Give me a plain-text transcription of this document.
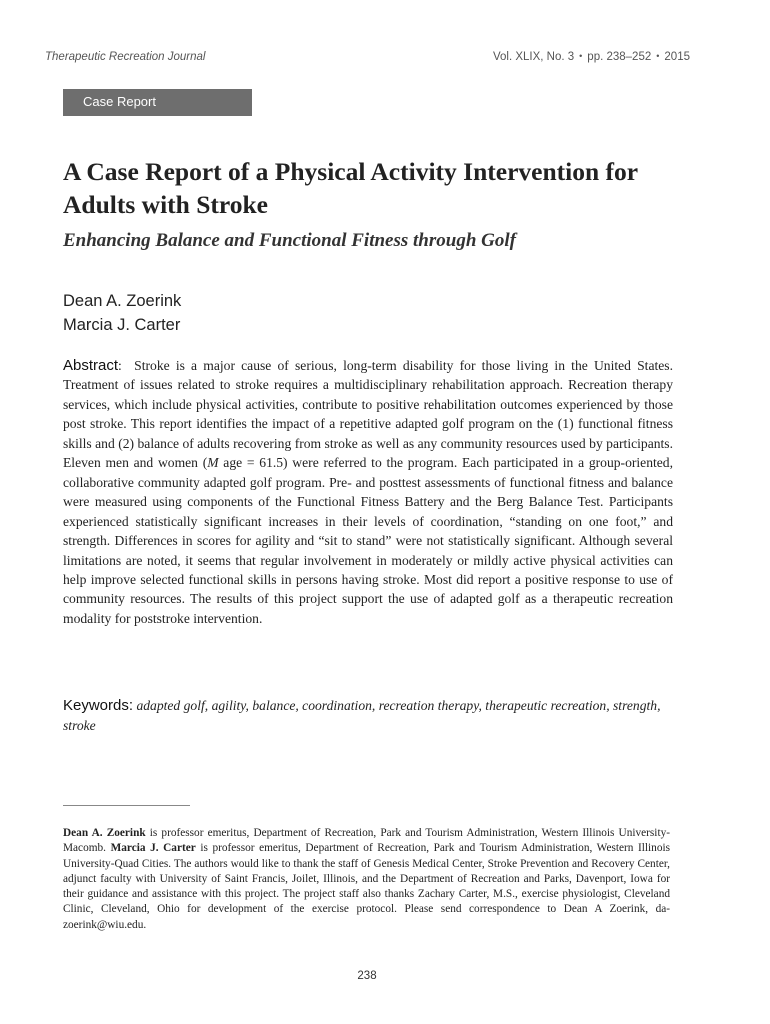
Therapeutic Recreation Journal	Vol. XLIX, No. 3 • pp. 238–252 • 2015
Case Report
A Case Report of a Physical Activity Intervention for Adults with Stroke
Enhancing Balance and Functional Fitness through Golf
Dean A. Zoerink
Marcia J. Carter

Abstract:  Stroke is a major cause of serious, long-term disability for those living in the United States. Treatment of issues related to stroke requires a multidisciplinary rehabilitation approach. Recreation therapy services, which include physical activities, contribute to positive rehabilitation outcomes experienced by those post stroke. This report identifies the impact of a repetitive adapted golf program on the (1) functional fitness skills and (2) balance of adults recovering from stroke as well as any community resources used by participants. Eleven men and women (M age = 61.5) were referred to the program. Each participated in a group-oriented, collaborative community adapted golf program. Pre- and posttest assessments of functional fitness and balance were measured using components of the Functional Fitness Battery and the Berg Balance Test. Participants experienced statistically significant increases in their levels of coordination, “standing on one foot,” and strength. Differences in scores for agility and “sit to stand” were not statistically significant. Although several limitations are noted, it seems that regular involvement in moderately or mildly active physical activities can help improve selected functional skills in persons having stroke. Most did report a positive response to use of community resources. The results of this project support the use of adapted golf as a therapeutic recreation modality for poststroke intervention.

Keywords: adapted golf, agility, balance, coordination, recreation therapy, therapeutic recreation, strength, stroke

Dean A. Zoerink is professor emeritus, Department of Recreation, Park and Tourism Administration, Western Illinois University-Macomb. Marcia J. Carter is professor emeritus, Department of Recreation, Park and Tourism Administration, Western Illinois University-Quad Cities. The authors would like to thank the staff of Genesis Medical Center, Stroke Prevention and Recovery Center, adjunct faculty with University of Saint Francis, Joilet, Illinois, and the Department of Recreation and Parks, Davenport, Iowa for their guidance and assistance with this project. The project staff also thanks Zachary Carter, M.S., exercise physiologist, Cleveland Clinic, Cleveland, Ohio for development of the exercise protocol. Please send correspondence to Dean A Zoerink, da-zoerink@wiu.edu.

238
